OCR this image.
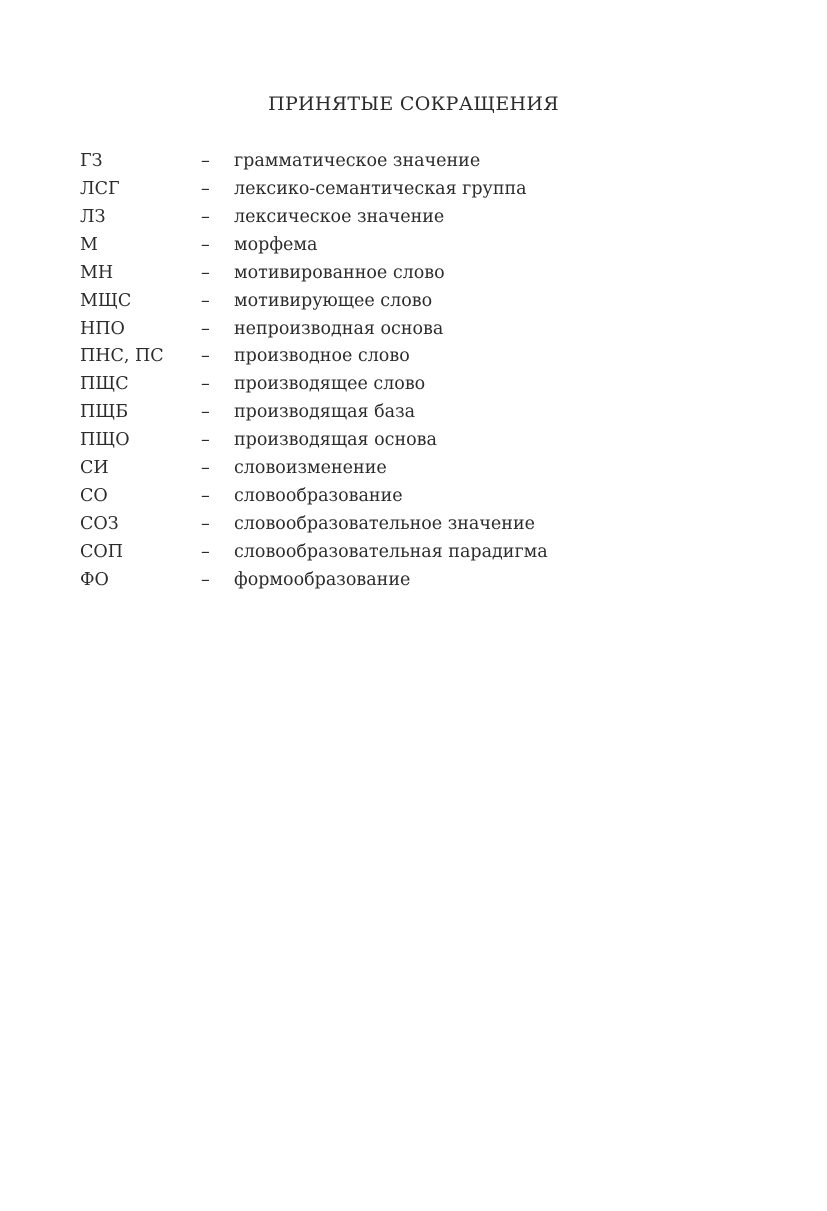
ПРИНЯТЫЕ СОКРАЩЕНИЯ
ГЗ	– грамматическое значение
ЛСГ	– лексико-семантическая группа
ЛЗ	– лексическое значение
М	– морфема
МН	– мотивированное слово
МЩС	– мотивирующее слово
НПО	– непроизводная основа
ПНС, ПС – производное слово
ПЩС	– производящее слово
ПЩБ	– производящая база
ПЩО	– производящая основа
СИ	– словоизменение
СО	– словообразование
СОЗ	– словообразовательное значение
СОП	– словообразовательная парадигма
ФО	– формообразование
